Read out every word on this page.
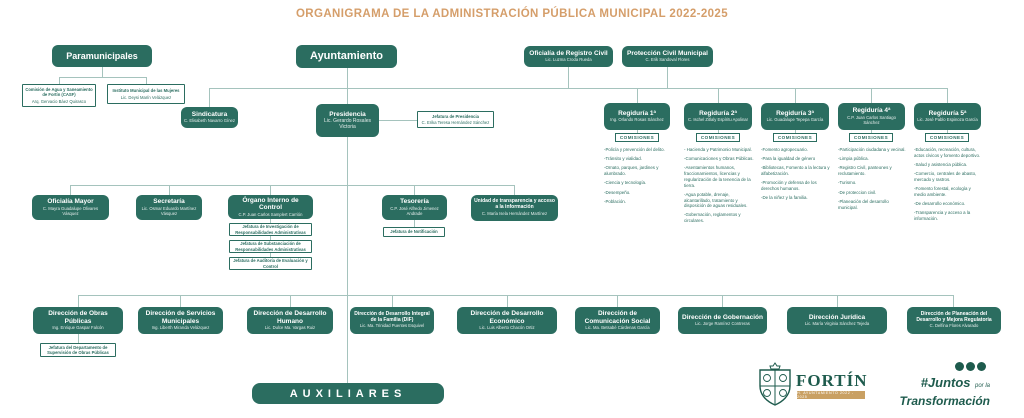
ORGANIGRAMA DE LA ADMINISTRACIÓN PÚBLICA MUNICIPAL 2022-2025
Paramunicipales	Ayuntamiento	Oficialía de Registro Civil
Lic. Luzma Croda Rueda
Protección Civil Municipal
C. Erik Sandoval Flores
Comisión de Agua y Saneamiento de Fortín (CASF)
Arq. Gervacio Báez Quirasco
Instituto Municipal de las Mujeres
Lic. Deysi Marín Velázquez
Sindicatura
C. Elisabeth Navarro Gínez
Presidencia
Lic. Gerardo Rosales Victoria
Jefatura de Presidencia
C. Erika Teresa Hernández Sánchez
Regiduría 1ª
Ing. Orlando Rosas Sánchez
Regiduría 2ª
C. Ischel Zitlaly Espíritu Apolinar
Regiduría 3ª
Lic. Guadalupe Tepepa García
Regiduría 4ª
C.P. Juan Carlos Santiago Sánchez
Regiduría 5ª
Lic. José Pablo Espinoza García
COMISIONES	COMISIONES	COMISIONES	COMISIONES	COMISIONES
-Policía y prevención del delito.
-Tránsito y vialidad.
-Ornato, parques, jardines y alumbrado.
-Ciencia y tecnología.
-Desempeño.
-Población.
- Hacienda y Patrimonio Municipal.
-Comunicaciones y Obras Públicas.
-Asentamientos humanos, fraccionamientos, licencias y regularización de la tenencia de la tierra.
-Agua potable, drenaje, alcantarillado, tratamiento y disposición de aguas residuales.
-Gobernación, reglamentos y circulares.
-Fomento agropecuario.
-Para la igualdad de género
-Bibliotecas, Fomento a la lectura y alfabetización.
-Promoción y defensa de los derechos humanos.
-De la niñez y la familia.
-Participación ciudadana y vecinal.
-Limpia pública.
-Registro Civil, panteones y reclutamiento.
-Turismo.
-De proteccion civil.
-Planeación del desarrollo municipal.
-Educación, recreación, cultura, actos cívicos y fomento deportivo.
-Salud y asistencia pública.
-Comercio, centrales de abasto, mercado y rastros.
-Fomento forestal, ecología y medio ambiente.
-De desarrollo económico.
-Transparencia y acceso a la información.
Oficialía Mayor
C. Mayra Guadalupe Olivares Vásquez
Secretaría
Lic. Osmar Eduardo Martínez Vásquez
Órgano Interno de Control
C.P. Juan Carlos Samplert Carrión
Jefatura de Investigación de Responsabilidades Administrativas
Jefatura de Substanciación de Responsabilidades Administrativas
Jefatura de Auditoría de Evaluación y Control
Tesorería
C.P. José Alfredo Jimenez Andrade
Jefatura de Notificación
Unidad de transparencia y acceso a la información
C. María Isela Hernández Martínez
Dirección de Obras Públicas
Ing. Enrique Gaspar Falcón
Jefatura del Departamento de Supervisión de Obras Públicas
Dirección de Servicios Municipales
Ing. Liberth Miranda Velázquez
Dirección de Desarrollo Humano
Lic. Dulce Ma. Vargas Ruiz
Dirección de Desarrollo Integral de la Familia (DIF)
Lic. Ma. Trinidad Puentes Esquivel
Dirección de Desarrollo Económico
Lic. Luis Alberto Chacón Ortiz
Dirección de Comunicación Social
Lic. Ma. Betsabé Cárdenas García
Dirección de Gobernación
Lic. Jorge Ramírez Contreras
Dirección Jurídica
Lic. María Virginia Sánchez Tejeda
Dirección de Planeación del Desarrollo y Mejora Regulatoria
C. Delfina Flores Alvarado
AUXILIARES
FORTÍN
H. AYUNTAMIENTO 2022 - 2025
#Juntos por la
Transformación
